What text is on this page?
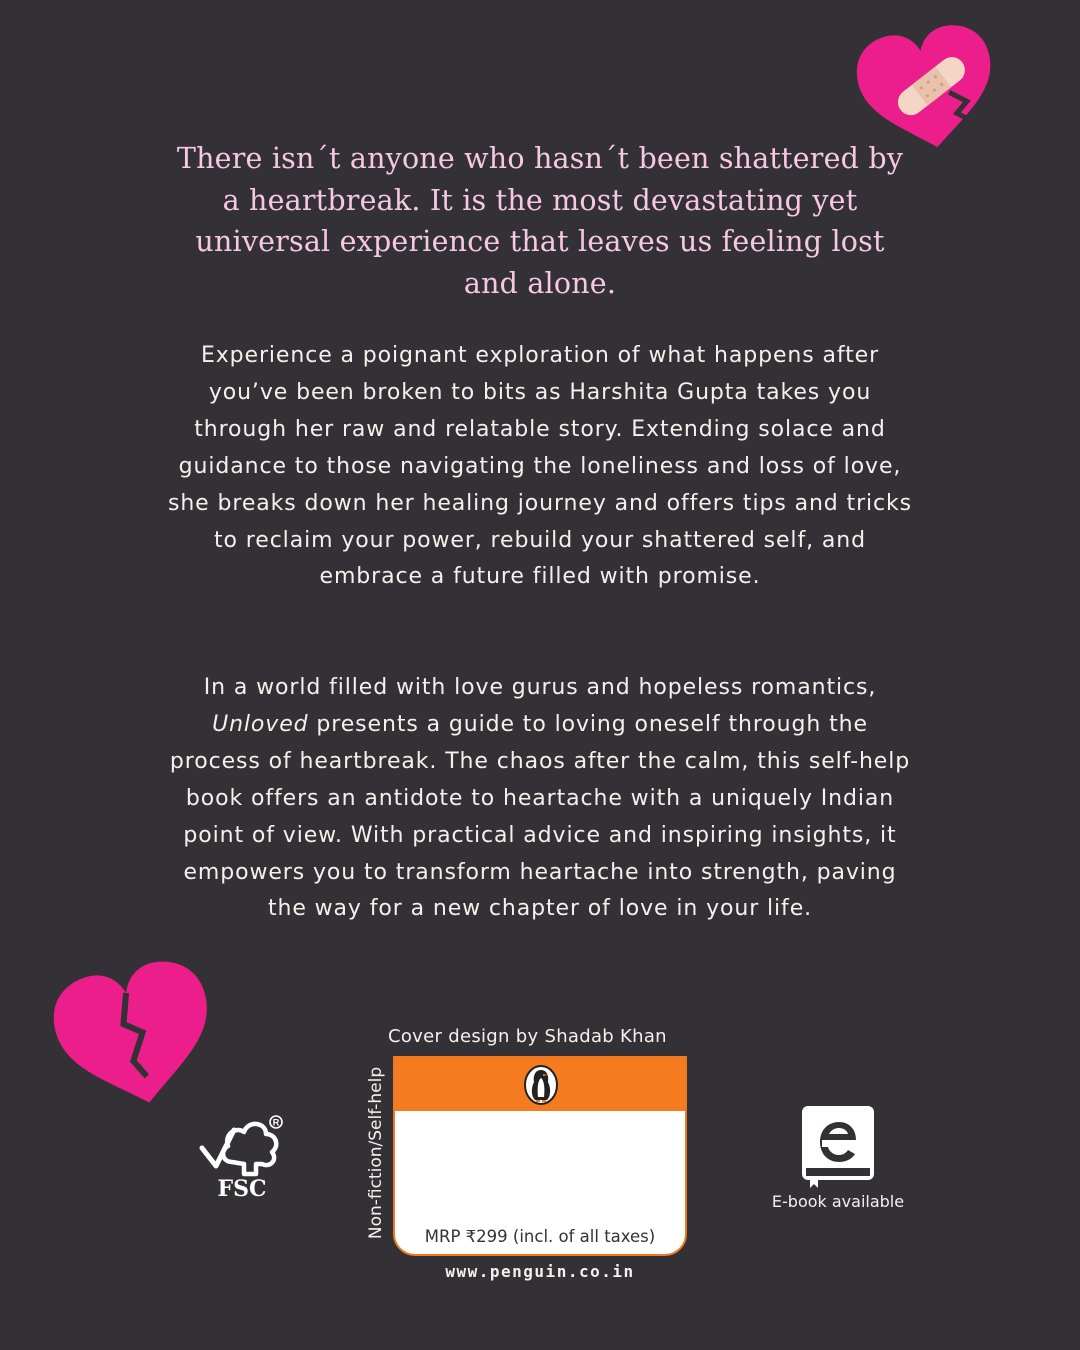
There isn´t anyone who hasn´t been shattered by a heartbreak. It is the most devastating yet universal experience that leaves us feeling lost and alone.
Experience a poignant exploration of what happens after you’ve been broken to bits as Harshita Gupta takes you through her raw and relatable story. Extending solace and guidance to those navigating the loneliness and loss of love, she breaks down her healing journey and offers tips and tricks to reclaim your power, rebuild your shattered self, and embrace a future filled with promise.
In a world filled with love gurus and hopeless romantics, Unloved presents a guide to loving oneself through the process of heartbreak. The chaos after the calm, this self-help book offers an antidote to heartache with a uniquely Indian point of view. With practical advice and inspiring insights, it empowers you to transform heartache into strength, paving the way for a new chapter of love in your life.
R
FSC
Cover design by Shadab Khan
Non-fiction/Self-help	MRP ₹299 (incl. of all taxes)
www.penguin.co.in
E-book available
